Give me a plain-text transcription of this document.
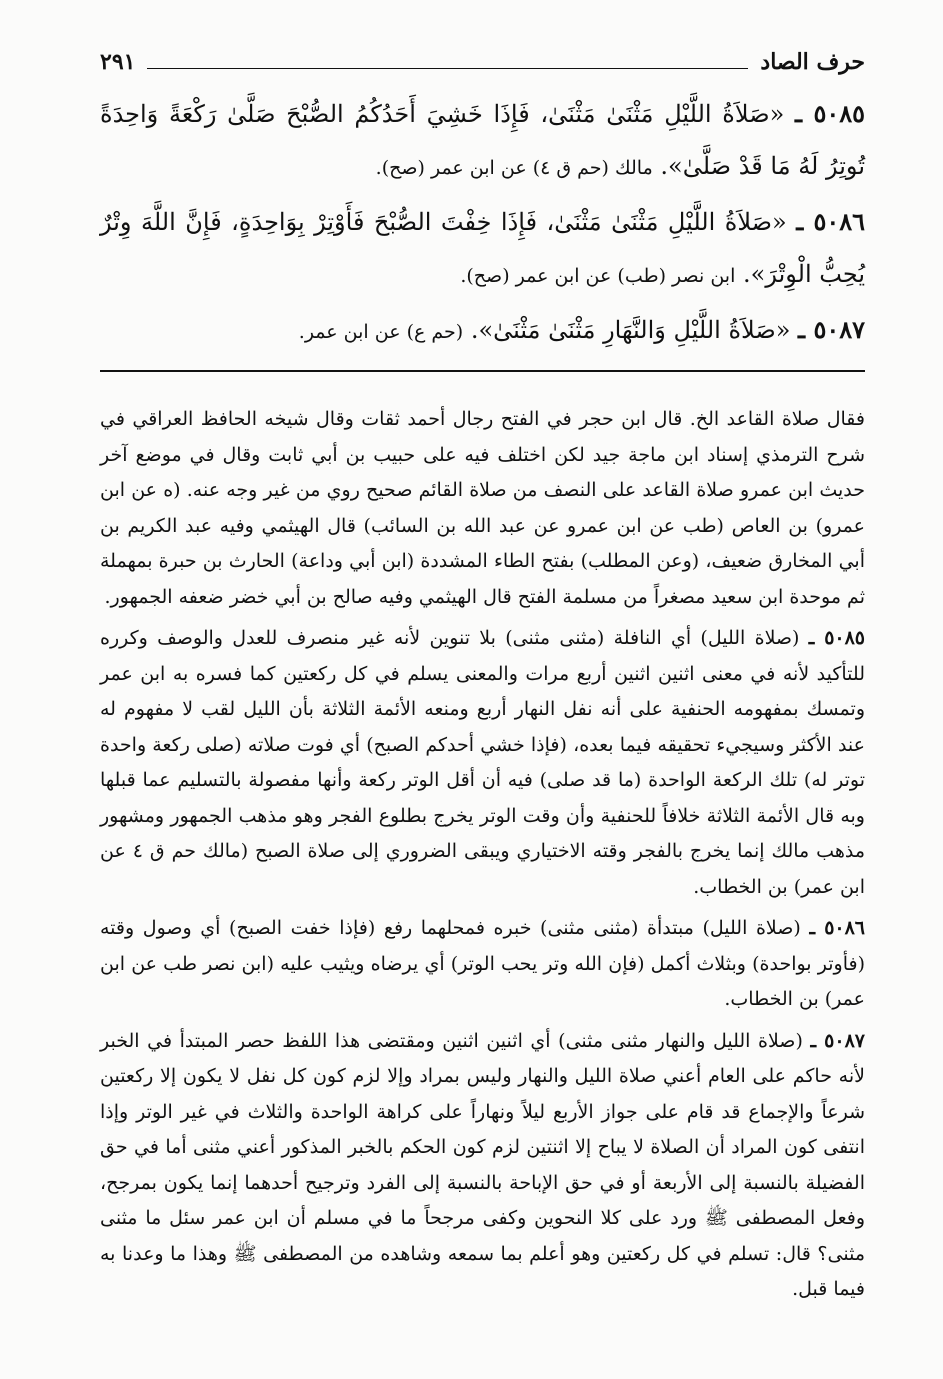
حرف الصاد
٢٩١

٥٠٨٥ ـ «صَلاَةُ اللَّيْلِ مَثْنَىٰ مَثْنَىٰ، فَإِذَا خَشِيَ أَحَدُكُمُ الصُّبْحَ صَلَّىٰ رَكْعَةً وَاحِدَةً تُوتِرُ لَهُ مَا قَدْ صَلَّىٰ». مالك (حم ق ٤) عن ابن عمر (صح).

٥٠٨٦ ـ «صَلاَةُ اللَّيْلِ مَثْنَىٰ مَثْنَىٰ، فَإِذَا خِفْتَ الصُّبْحَ فَأَوْتِرْ بِوَاحِدَةٍ، فَإِنَّ اللَّهَ وِتْرٌ يُحِبُّ الْوِتْرَ». ابن نصر (طب) عن ابن عمر (صح).

٥٠٨٧ ـ «صَلاَةُ اللَّيْلِ وَالنَّهَارِ مَثْنَىٰ مَثْنَىٰ». (حم ع) عن ابن عمر.

فقال صلاة القاعد الخ. قال ابن حجر في الفتح رجال أحمد ثقات وقال شيخه الحافظ العراقي في شرح الترمذي إسناد ابن ماجة جيد لكن اختلف فيه على حبيب بن أبي ثابت وقال في موضع آخر حديث ابن عمرو صلاة القاعد على النصف من صلاة القائم صحيح روي من غير وجه عنه. (ه عن ابن عمرو) بن العاص (طب عن ابن عمرو عن عبد الله بن السائب) قال الهيثمي وفيه عبد الكريم بن أبي المخارق ضعيف، (وعن المطلب) بفتح الطاء المشددة (ابن أبي وداعة) الحارث بن حبرة بمهملة ثم موحدة ابن سعيد مصغراً من مسلمة الفتح قال الهيثمي وفيه صالح بن أبي خضر ضعفه الجمهور.

٥٠٨٥ ـ (صلاة الليل) أي النافلة (مثنى مثنى) بلا تنوين لأنه غير منصرف للعدل والوصف وكرره للتأكيد لأنه في معنى اثنين اثنين أربع مرات والمعنى يسلم في كل ركعتين كما فسره به ابن عمر وتمسك بمفهومه الحنفية على أنه نفل النهار أربع ومنعه الأئمة الثلاثة بأن الليل لقب لا مفهوم له عند الأكثر وسيجيء تحقيقه فيما بعده، (فإذا خشي أحدكم الصبح) أي فوت صلاته (صلى ركعة واحدة توتر له) تلك الركعة الواحدة (ما قد صلى) فيه أن أقل الوتر ركعة وأنها مفصولة بالتسليم عما قبلها وبه قال الأئمة الثلاثة خلافاً للحنفية وأن وقت الوتر يخرج بطلوع الفجر وهو مذهب الجمهور ومشهور مذهب مالك إنما يخرج بالفجر وقته الاختياري ويبقى الضروري إلى صلاة الصبح (مالك حم ق ٤ عن ابن عمر) بن الخطاب.

٥٠٨٦ ـ (صلاة الليل) مبتدأة (مثنى مثنى) خبره فمحلهما رفع (فإذا خفت الصبح) أي وصول وقته (فأوتر بواحدة) وبثلاث أكمل (فإن الله وتر يحب الوتر) أي يرضاه ويثيب عليه (ابن نصر طب عن ابن عمر) بن الخطاب.

٥٠٨٧ ـ (صلاة الليل والنهار مثنى مثنى) أي اثنين اثنين ومقتضى هذا اللفظ حصر المبتدأ في الخبر لأنه حاكم على العام أعني صلاة الليل والنهار وليس بمراد وإلا لزم كون كل نفل لا يكون إلا ركعتين شرعاً والإجماع قد قام على جواز الأربع ليلاً ونهاراً على كراهة الواحدة والثلاث في غير الوتر وإذا انتفى كون المراد أن الصلاة لا يباح إلا اثنتين لزم كون الحكم بالخبر المذكور أعني مثنى أما في حق الفضيلة بالنسبة إلى الأربعة أو في حق الإباحة بالنسبة إلى الفرد وترجيح أحدهما إنما يكون بمرجح، وفعل المصطفى ﷺ ورد على كلا النحوين وكفى مرجحاً ما في مسلم أن ابن عمر سئل ما مثنى مثنى؟ قال: تسلم في كل ركعتين وهو أعلم بما سمعه وشاهده من المصطفى ﷺ وهذا ما وعدنا به فيما قبل.
